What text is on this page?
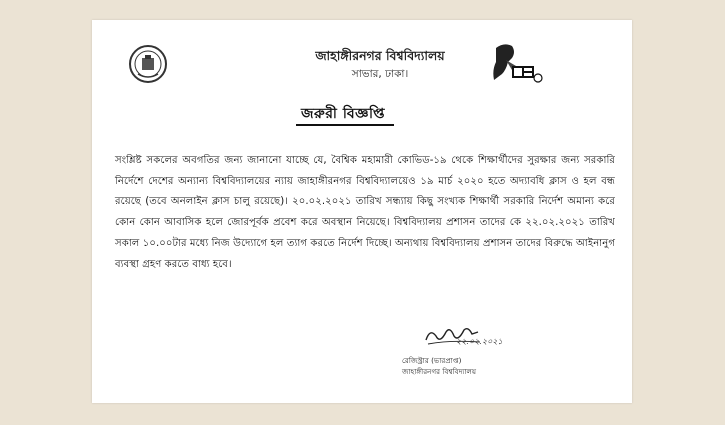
জাহাঙ্গীরনগর বিশ্ববিদ্যালয়
সাভার, ঢাকা।
জরুরী বিজ্ঞপ্তি
সংশ্লিষ্ট সকলের অবগতির জন্য জানানো যাচ্ছে যে, বৈশ্বিক মহামারী কোভিড-১৯ থেকে শিক্ষার্থীদের সুরক্ষার জন্য সরকারি নির্দেশে দেশের অন্যান্য বিশ্ববিদ্যালয়ের ন্যায় জাহাঙ্গীরনগর বিশ্ববিদ্যালয়েও ১৯ মার্চ ২০২০ হতে অদ্যাবধি ক্লাস ও হল বন্ধ রয়েছে (তবে অনলাইন ক্লাস চালু রয়েছে)। ২০.০২.২০২১ তারিখ সন্ধ্যায় কিছু সংখ্যক শিক্ষার্থী সরকারি নির্দেশ অমান্য করে কোন কোন আবাসিক হলে জোরপূর্বক প্রবেশ করে অবস্থান নিয়েছে। বিশ্ববিদ্যালয় প্রশাসন তাদের কে ২২.০২.২০২১ তারিখ সকাল ১০.০০টার মধ্যে নিজ উদ্যোগে হল ত্যাগ করতে নির্দেশ দিচ্ছে। অন্যথায় বিশ্ববিদ্যালয় প্রশাসন তাদের বিরুদ্ধে আইনানুগ ব্যবস্থা গ্রহণ করতে বাধ্য হবে।
২২.০২.২০২১
রেজিস্ট্রার (ভারপ্রাপ্ত)
জাহাঙ্গীরনগর বিশ্ববিদ্যালয়
